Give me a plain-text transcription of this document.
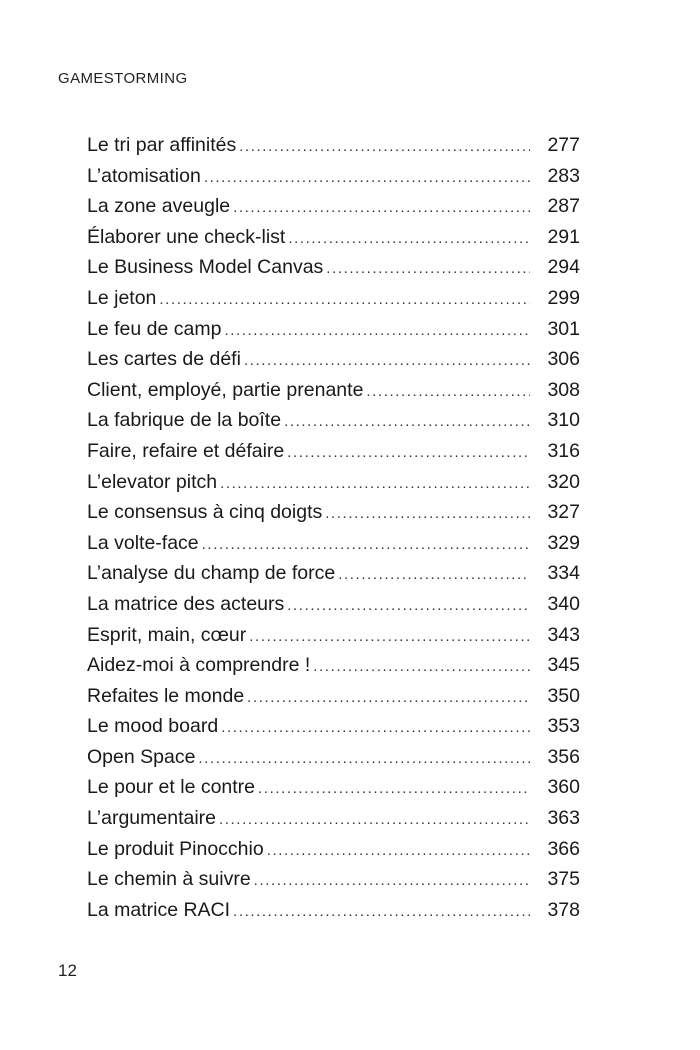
GAMESTORMING
Le tri par affinités .....	277
L’atomisation .....	283
La zone aveugle .....	287
Élaborer une check-list .....	291
Le Business Model Canvas .....	294
Le jeton .....	299
Le feu de camp .....	301
Les cartes de défi .....	306
Client, employé, partie prenante .....	308
La fabrique de la boîte .....	310
Faire, refaire et défaire .....	316
L’elevator pitch .....	320
Le consensus à cinq doigts .....	327
La volte-face .....	329
L’analyse du champ de force .....	334
La matrice des acteurs .....	340
Esprit, main, cœur .....	343
Aidez-moi à comprendre ! .....	345
Refaites le monde .....	350
Le mood board .....	353
Open Space .....	356
Le pour et le contre .....	360
L’argumentaire .....	363
Le produit Pinocchio .....	366
Le chemin à suivre .....	375
La matrice RACI .....	378
12
